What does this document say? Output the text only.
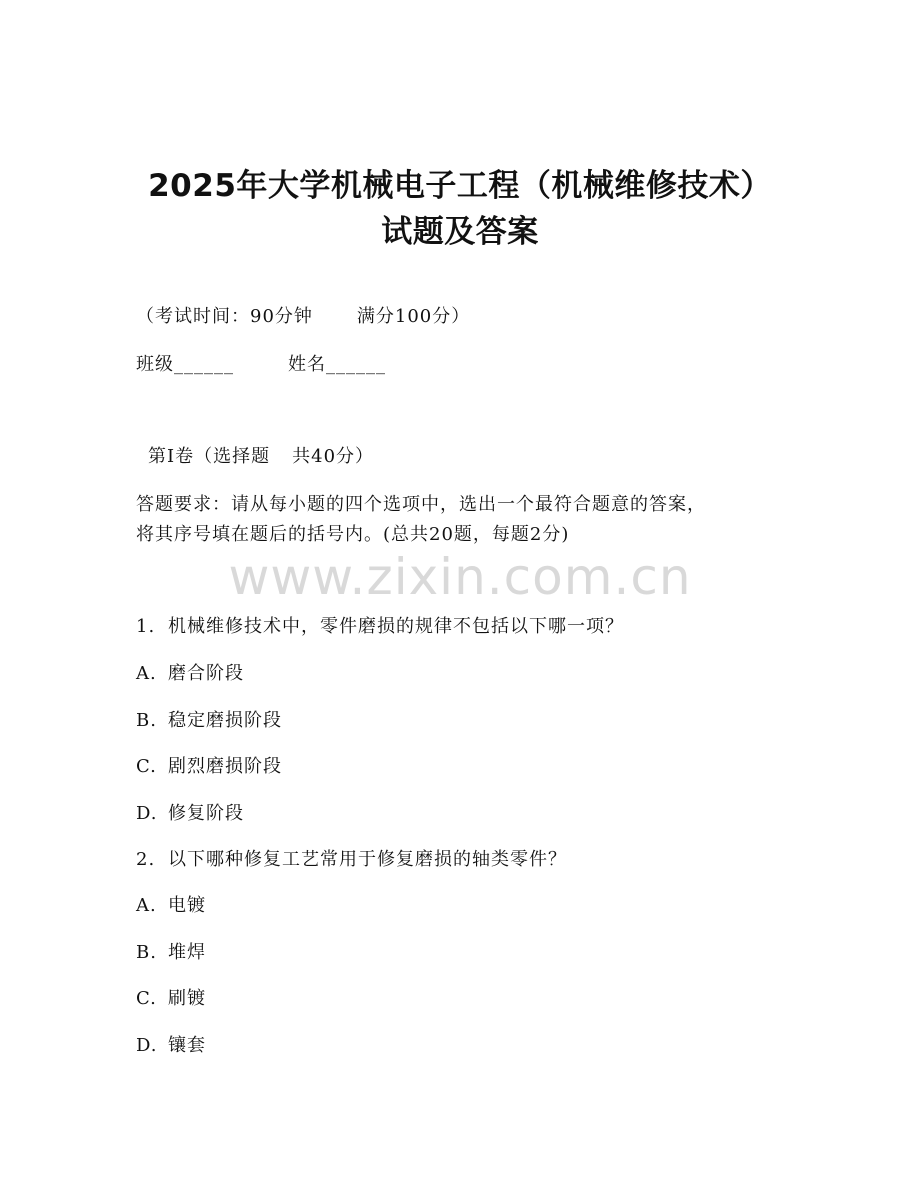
2025年大学机械电子工程（机械维修技术）
试题及答案
（考试时间：90分钟 满分100分）
班级______	姓名______
第I卷（选择题 共40分）
答题要求：请从每小题的四个选项中，选出一个最符合题意的答案，
将其序号填在题后的括号内。(总共20题，每题2分)
www.zixin.com.cn
1. 机械维修技术中，零件磨损的规律不包括以下哪一项？
A. 磨合阶段
B. 稳定磨损阶段
C. 剧烈磨损阶段
D. 修复阶段
2. 以下哪种修复工艺常用于修复磨损的轴类零件？
A. 电镀
B. 堆焊
C. 刷镀
D. 镶套
